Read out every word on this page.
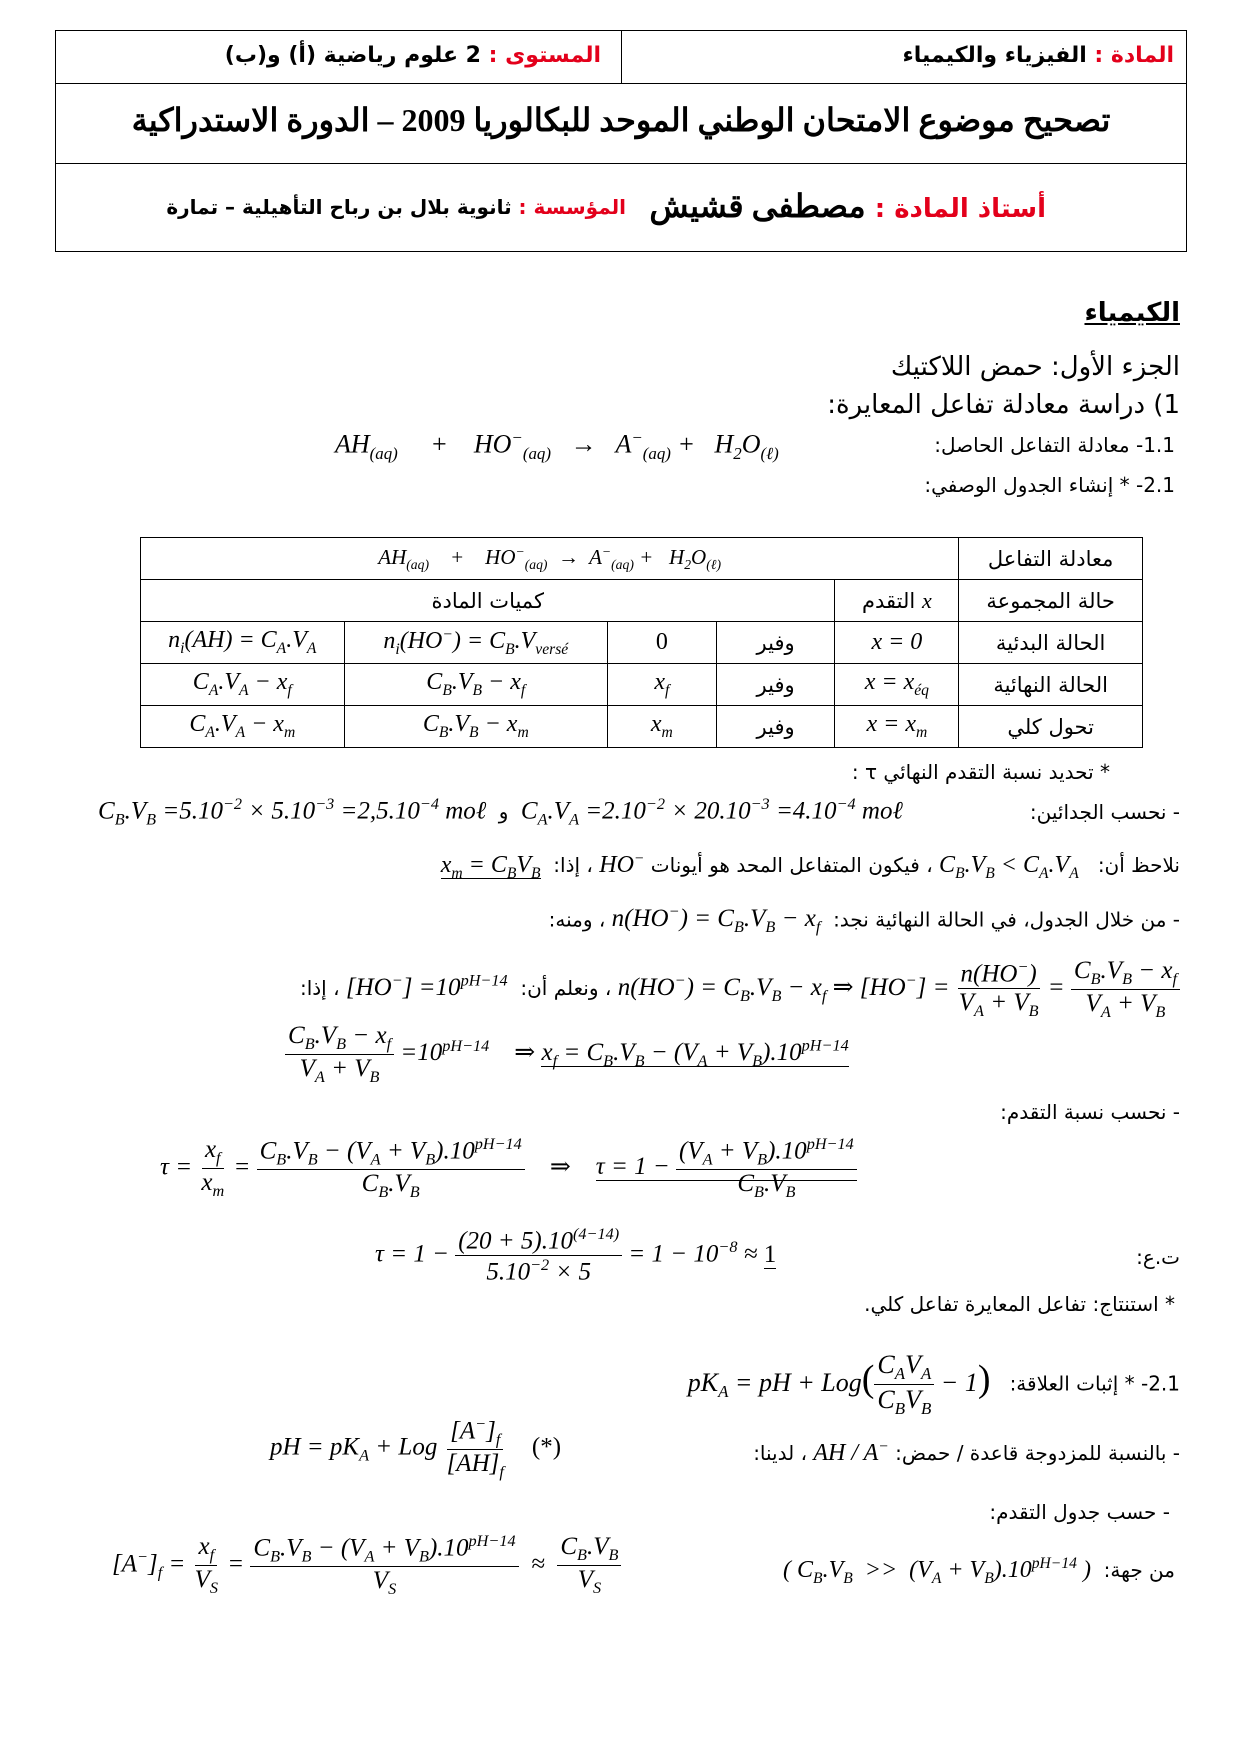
المادة : الفيزياء والكيمياء
المستوى : 2 علوم رياضية (أ) و(ب)
تصحيح موضوع الامتحان الوطني الموحد للبكالوريا 2009 – الدورة الاستدراكية
أستاذ المادة : مصطفى قشيش
المؤسسة : ثانوية بلال بن رباح التأهيلية – تمارة
الكيمياء
الجزء الأول: حمض اللاكتيك
1) دراسة معادلة تفاعل المعايرة:
1.1- معادلة التفاعل الحاصل:
$AH_{(aq)}$     +    $HO^-_{(aq)} \to A^-_{(aq)} + H_2O_{(\ell)}$
2.1- * إنشاء الجدول الوصفي:
$AH_{(aq)}$    +    $HO^-_{(aq)} \to A^-_{(aq)} + H_2O_{(\ell)}$					معادلة التفاعل
كميات المادة				التقدم x	حالة المجموعة
$n_i(AH) = C_A.V_A$	$n_i(HO^-) = C_B.V_{versé}$	0	وفير	x = 0	الحالة البدئية
$C_A.V_A - x_f$	$C_B.V_B - x_f$	$x_f$	وفير	$x = x_{éq}$	الحالة النهائية
$C_A.V_A - x_m$	$C_B.V_B - x_m$	$x_m$	وفير	$x = x_m$	تحول كلي
* تحديد نسبة التقدم النهائي τ :
- نحسب الجدائين:
$C_B.V_B =5.10^{-2} \times 5.10^{-3} =2,5.10^{-4}$ moℓ  و  $C_A.V_A =2.10^{-2} \times 20.10^{-3} =4.10^{-4}$ moℓ
نلاحظ أن:   $C_B.V_B < C_A.V_A$ ، فيكون المتفاعل المحد هو أيونات HO− ، إذا:  $x_m = C_BV_B$
- من خلال الجدول، في الحالة النهائية نجد:  $n(HO^-) = C_B.V_B - x_f$ ، ومنه:
$n(HO^-) = C_B.V_B - x_f$ ⇒ $[HO^-] = \frac{n(HO^-)}{V_A + V_B} = \frac{C_B.V_B - x_f}{V_A + V_B}$
، ونعلم أن:  $[HO^-] =10^{pH-14}$ ، إذا:
$\frac{C_B.V_B - x_f}{V_A + V_B} =10^{pH-14}$    ⇒ $x_f = C_B.V_B - (V_A + V_B).10^{pH-14}$
- نحسب نسبة التقدم:
$\tau = \frac{x_f}{x_m} = \frac{C_B.V_B - (V_A + V_B).10^{pH-14}}{C_B.V_B}$ ⇒    $\tau = 1 - \frac{(V_A + V_B).10^{pH-14}}{C_B.V_B}$
ت.ع:
$\tau = 1 - \frac{(20 + 5).10^{(4-14)}}{5.10^{-2} \times 5} = 1 - 10^{-8} \approx 1$
* استنتاج: تفاعل المعايرة تفاعل كلي.
2.1- * إثبات العلاقة:   $pK_A$ = pH + $Log( \frac{C_AV_A}{C_BV_B} - 1)$
- بالنسبة للمزدوجة قاعدة / حمض: AH / A− ، لدينا:
pH = $pK_A$ + Log $\frac{[A^-]_f}{[AH]_f}$ (*)
- حسب جدول التقدم:
$[A^-]_f = \frac{x_f}{V_S} = \frac{C_B.V_B - (V_A + V_B).10^{pH-14}}{V_S} \approx \frac{C_B.V_B}{V_S}$	من جهة:  ( $C_B.V_B >> (V_A + V_B).10^{pH-14}$ )
